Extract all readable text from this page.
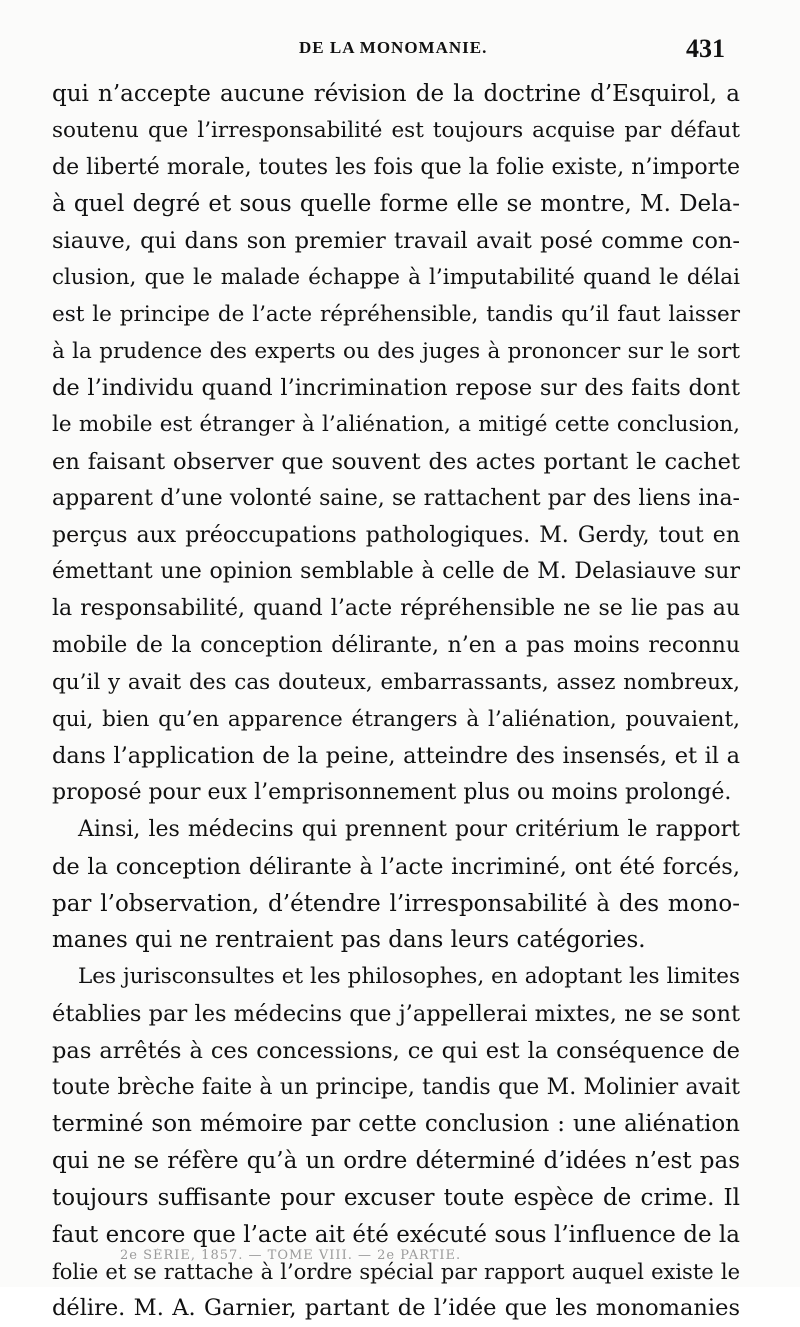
DE LA MONOMANIE.	431
qui n’accepte aucune révision de la doctrine d’Esquirol, a
soutenu que l’irresponsabilité est toujours acquise par défaut
de liberté morale, toutes les fois que la folie existe, n’importe
à quel degré et sous quelle forme elle se montre, M. Dela-
siauve, qui dans son premier travail avait posé comme con-
clusion, que le malade échappe à l’imputabilité quand le délai
est le principe de l’acte répréhensible, tandis qu’il faut laisser
à la prudence des experts ou des juges à prononcer sur le sort
de l’individu quand l’incrimination repose sur des faits dont
le mobile est étranger à l’aliénation, a mitigé cette conclusion,
en faisant observer que souvent des actes portant le cachet
apparent d’une volonté saine, se rattachent par des liens ina-
perçus aux préoccupations pathologiques. M. Gerdy, tout en
émettant une opinion semblable à celle de M. Delasiauve sur
la responsabilité, quand l’acte répréhensible ne se lie pas au
mobile de la conception délirante, n’en a pas moins reconnu
qu’il y avait des cas douteux, embarrassants, assez nombreux,
qui, bien qu’en apparence étrangers à l’aliénation, pouvaient,
dans l’application de la peine, atteindre des insensés, et il a
proposé pour eux l’emprisonnement plus ou moins prolongé.
Ainsi, les médecins qui prennent pour critérium le rapport
de la conception délirante à l’acte incriminé, ont été forcés,
par l’observation, d’étendre l’irresponsabilité à des mono-
manes qui ne rentraient pas dans leurs catégories.
Les jurisconsultes et les philosophes, en adoptant les limites
établies par les médecins que j’appellerai mixtes, ne se sont
pas arrêtés à ces concessions, ce qui est la conséquence de
toute brèche faite à un principe, tandis que M. Molinier avait
terminé son mémoire par cette conclusion : une aliénation
qui ne se réfère qu’à un ordre déterminé d’idées n’est pas
toujours suffisante pour excuser toute espèce de crime. Il
faut encore que l’acte ait été exécuté sous l’influence de la
folie et se rattache à l’ordre spécial par rapport auquel existe le
délire. M. A. Garnier, partant de l’idée que les monomanies
2e SÉRIE, 1857. — TOME VIII. — 2e PARTIE.
